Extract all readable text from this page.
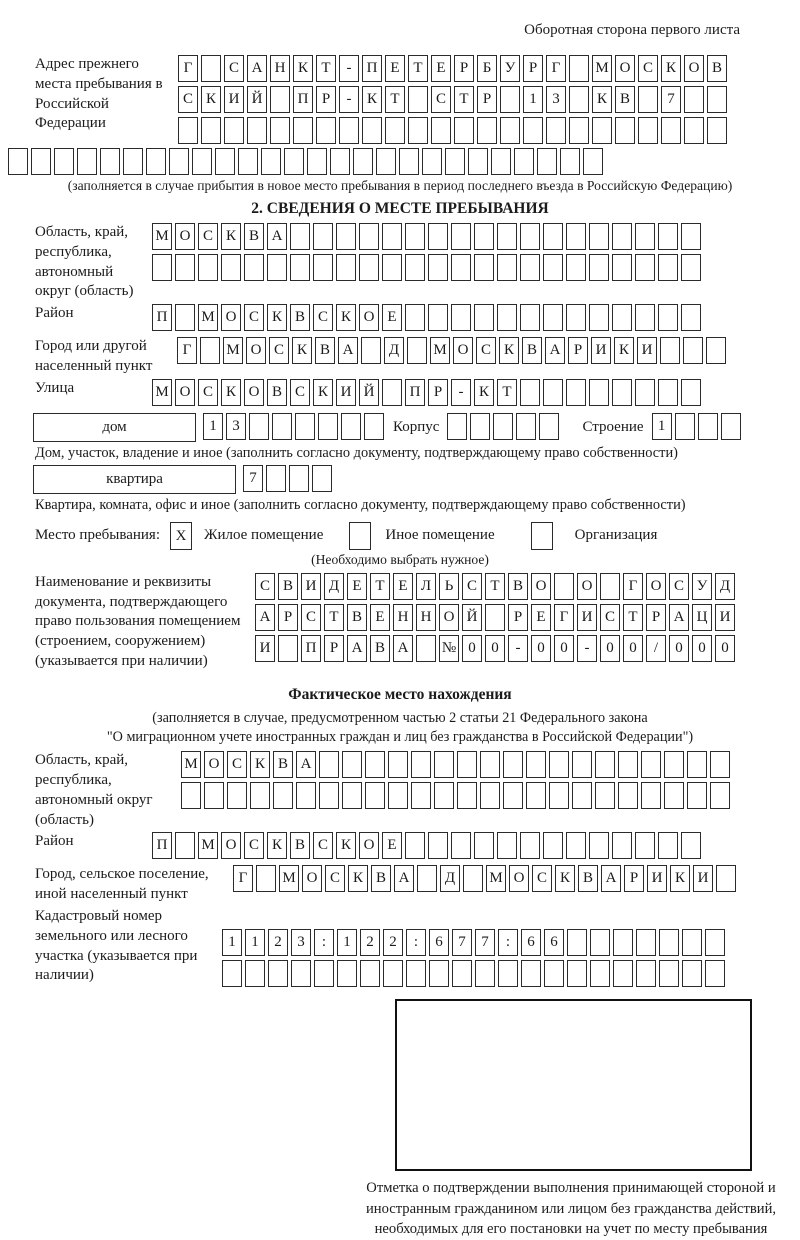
Оборотная сторона первого листа
Адрес прежнего места пребывания в Российской Федерации
Г С А Н К Т - П Е Т Е Р Б У Р Г М О С К О В
С К И Й П Р - К Т С Т Р	1 3 К В 7
(заполняется в случае прибытия в новое место пребывания в период последнего въезда в Российскую Федерацию)
2. СВЕДЕНИЯ О МЕСТЕ ПРЕБЫВАНИЯ
Область, край, республика, автономный округ (область)
М О С К В А
Район	П М О С К В С К О Е
Город или другой населенный пункт
Г М О С К В А Д М О С К В А Р И К И
Улица	М О С К О В С К И Й П Р - К Т
дом	1 3	Корпус	Строение 1
Дом, участок, владение и иное (заполнить согласно документу, подтверждающему право собственности)
квартира	7
Квартира, комната, офис и иное (заполнить согласно документу, подтверждающему право собственности)
Место пребывания:	X	Жилое помещение	Иное помещение	Организация
(Необходимо выбрать нужное)
Наименование и реквизиты документа, подтверждающего право пользования помещением (строением, сооружением) (указывается при наличии)
С В И Д Е Т Е Л Ь С Т В О О Г О С У Д
А Р С Т В Е Н Н О Й Р Е Г И С Т Р А Ц И
И П Р А В А № 0 0 - 0 0 - 0 0 / 0 0 0
Фактическое место нахождения
(заполняется в случае, предусмотренном частью 2 статьи 21 Федерального закона
"О миграционном учете иностранных граждан и лиц без гражданства в Российской Федерации")
Область, край, республика, автономный округ (область)
М О С К В А
Район	П М О С К В С К О Е
Город, сельское поселение, иной населенный пункт
Г М О С К В А Д М О С К В А Р И К И
Кадастровый номер земельного или лесного участка (указывается при наличии)
1 1 2 3 : 1 2 2 : 6 7 7 : 6 6
Отметка о подтверждении выполнения принимающей стороной и иностранным гражданином или лицом без гражданства действий, необходимых для его постановки на учет по месту пребывания
